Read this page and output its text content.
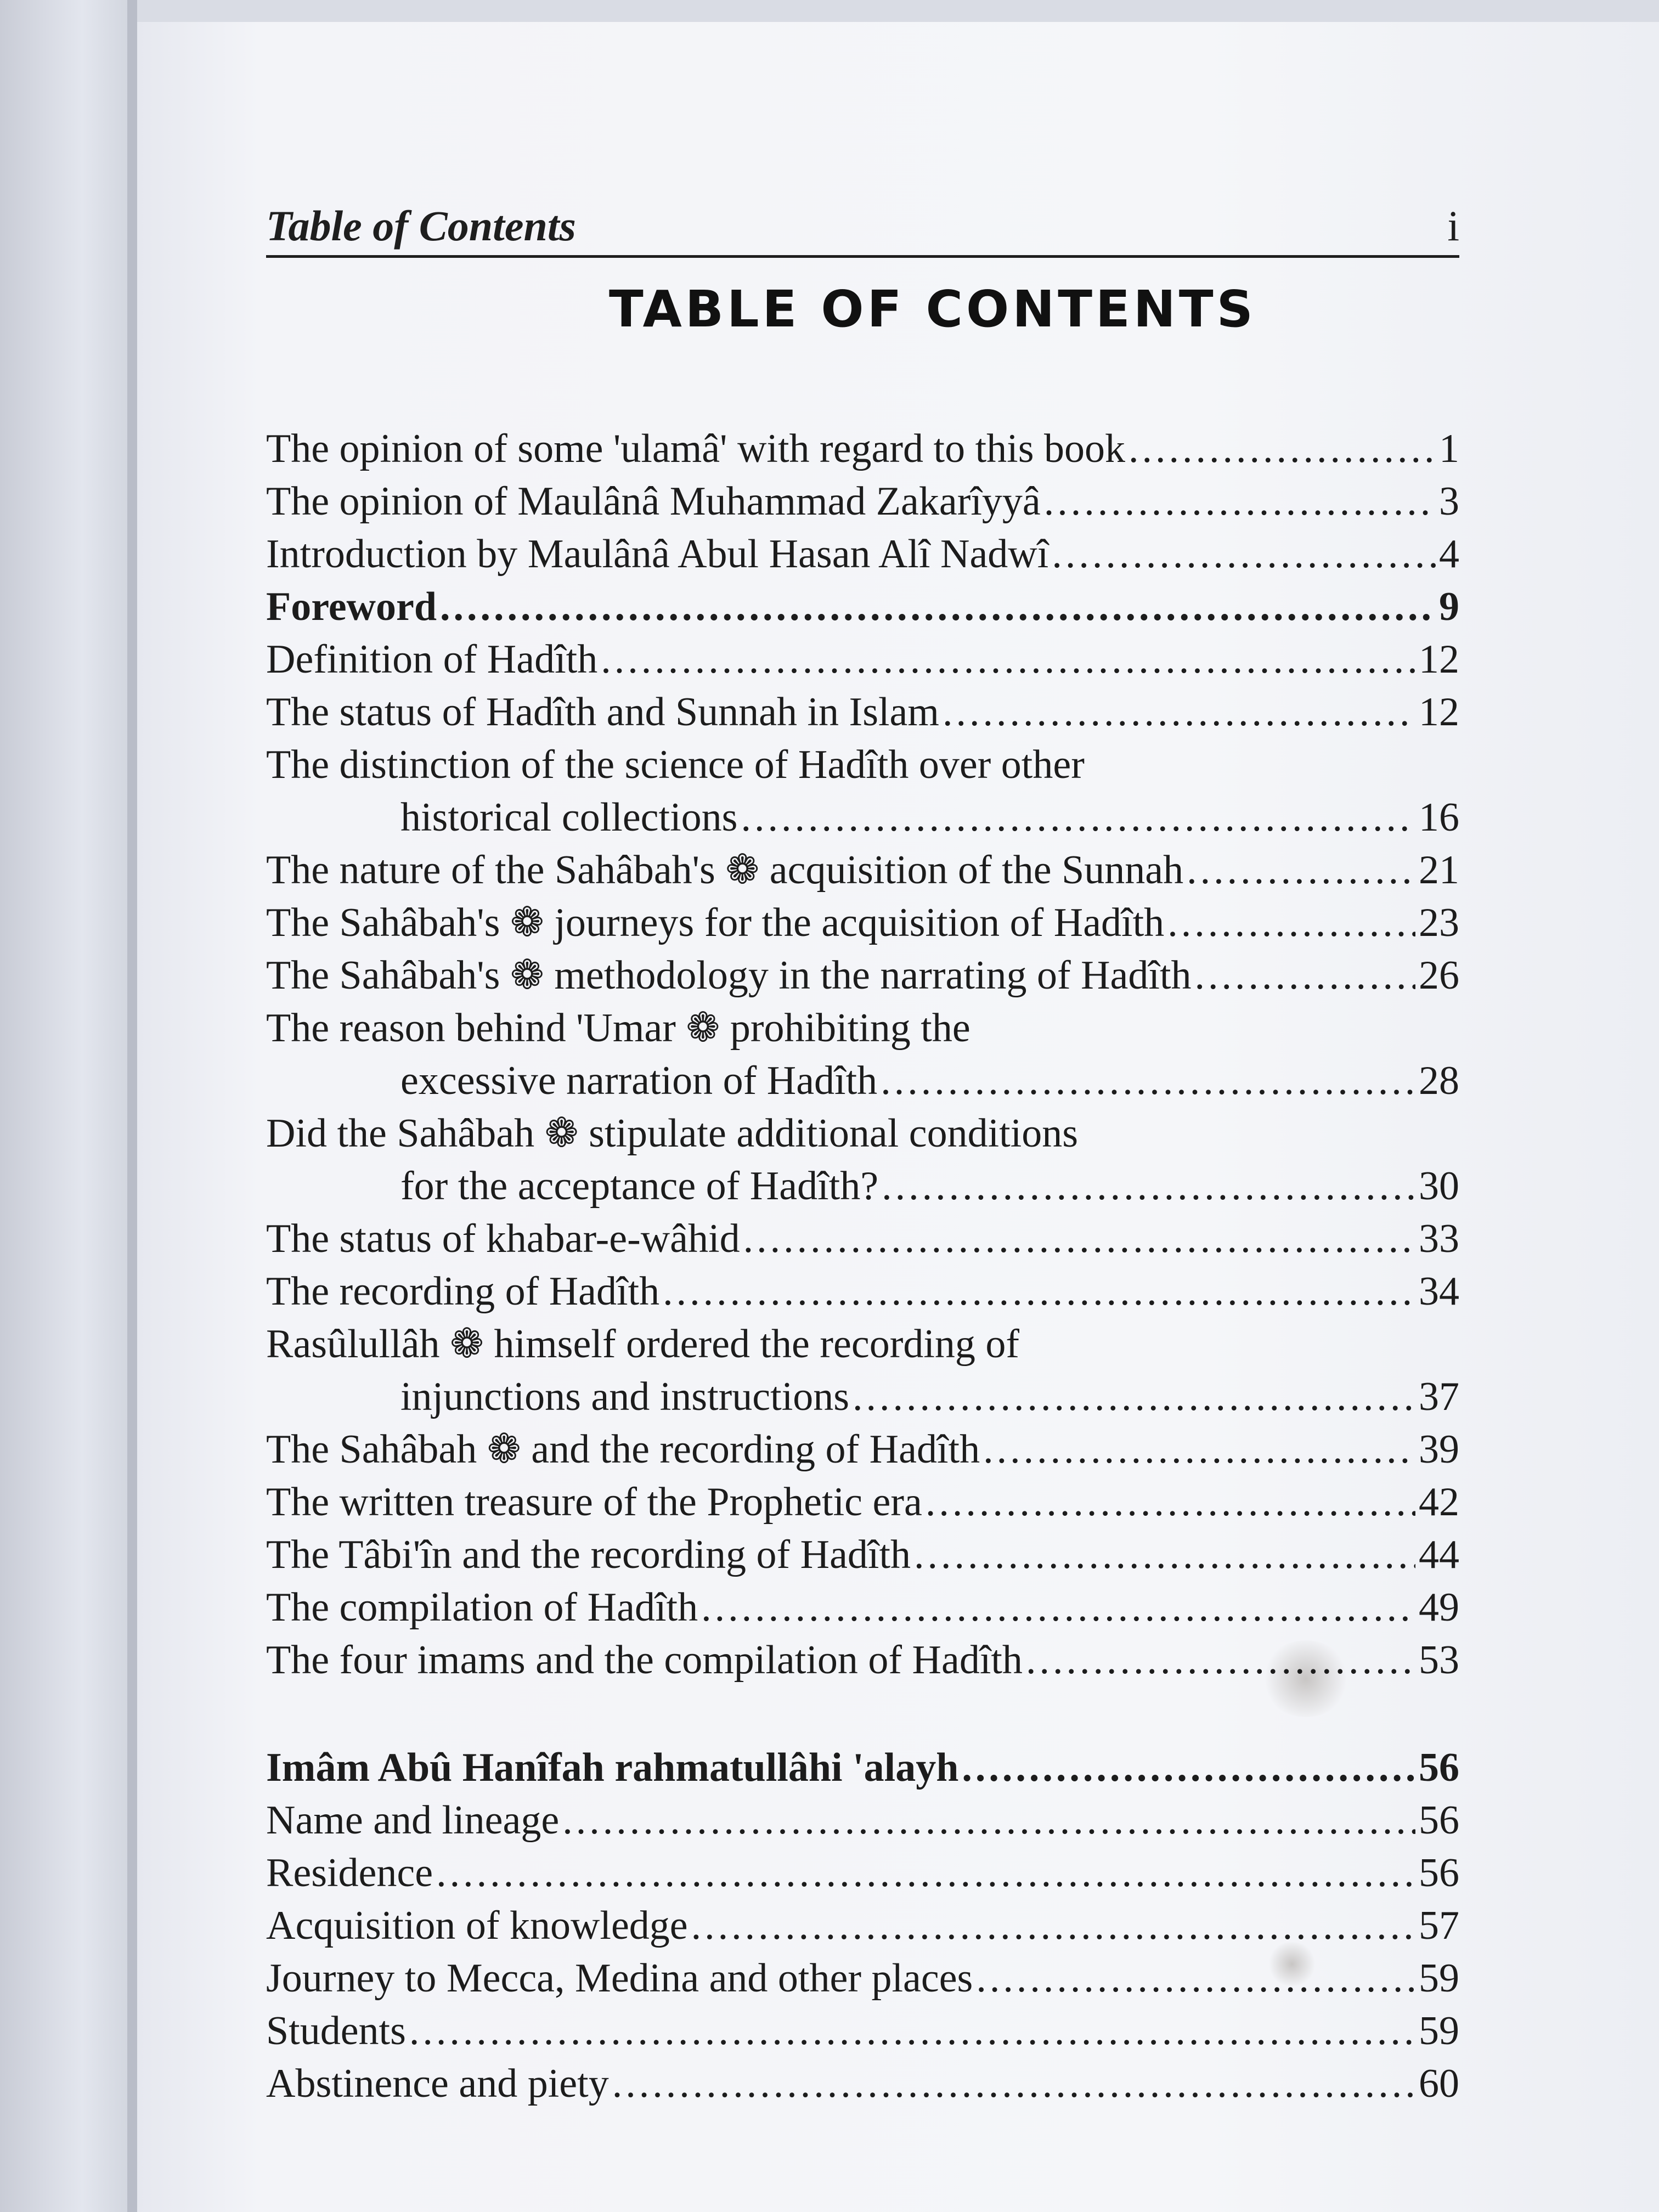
Table of Contents	i
TABLE OF CONTENTS
The opinion of some 'ulamâ' with regard to this book .....	1
The opinion of Maulânâ Muhammad Zakarîyyâ .....	3
Introduction by Maulânâ Abul Hasan Alî Nadwî .....	4
Foreword .....	9
Definition of Hadîth .....	12
The status of Hadîth and Sunnah in Islam .....	12
The distinction of the science of Hadîth over other
historical collections .....	16
The nature of the Sahâbah's ❁ acquisition of the Sunnah .....	21
The Sahâbah's ❁ journeys for the acquisition of Hadîth .....	23
The Sahâbah's ❁ methodology in the narrating of Hadîth .....	26
The reason behind 'Umar ❁ prohibiting the
excessive narration of Hadîth .....	28
Did the Sahâbah ❁ stipulate additional conditions
for the acceptance of Hadîth? .....	30
The status of khabar-e-wâhid .....	33
The recording of Hadîth .....	34
Rasûlullâh ❁ himself ordered the recording of
injunctions and instructions .....	37
The Sahâbah ❁ and the recording of Hadîth .....	39
The written treasure of the Prophetic era .....	42
The Tâbi'în and the recording of Hadîth .....	44
The compilation of Hadîth .....	49
The four imams and the compilation of Hadîth .....	53
Imâm Abû Hanîfah rahmatullâhi 'alayh .....	56
Name and lineage .....	56
Residence .....	56
Acquisition of knowledge .....	57
Journey to Mecca, Medina and other places .....	59
Students .....	59
Abstinence and piety .....	60
